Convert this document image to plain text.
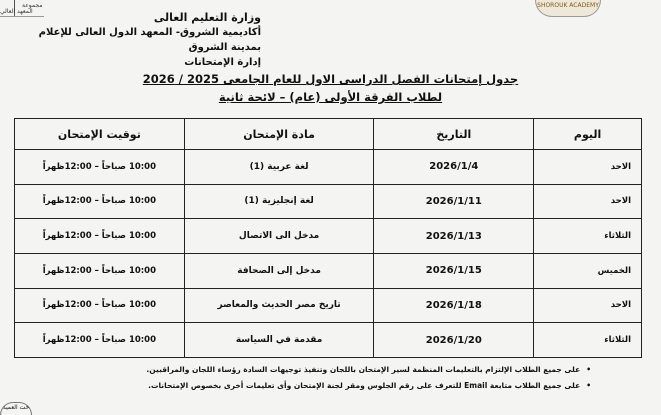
SHOROUK ACADEMY
مجموعة
المعهد العالي	وزارة التعليم العالى
أكاديمية الشروق- المعهد الدول العالى للإعلام بمدينة الشروق
إدارة الإمتحانات
جدول إمتحانات الفصل الدراسى الاول للعام الجامعى 2025 / 2026
لطلاب الفرقة الأولى (عام) – لائحة ثانية
اليوم	التاريخ	مادة الإمتحان	توقيت الإمتحان
الاحد	2026/1/4	لغة عربية (1)	10:00 صباحاً – 12:00ظهراً
الاحد	2026/1/11	لغة إنجليزية (1)	10:00 صباحاً – 12:00ظهراً
الثلاثاء	2026/1/13	مدخل الى الاتصال	10:00 صباحاً – 12:00ظهراً
الخميس	2026/1/15	مدخل إلى الصحافة	10:00 صباحاً – 12:00ظهراً
الاحد	2026/1/18	تاريخ مصر الحديث والمعاصر	10:00 صباحاً – 12:00ظهراً
الثلاثاء	2026/1/20	مقدمة في السياسة	10:00 صباحاً – 12:00ظهراً
•على جميع الطلاب الإلتزام بالتعليمات المنظمة لسير الإمتحان باللجان وتنفيذ توجيهات السادة رؤساء اللجان والمراقبين.
•على جميع الطلاب متابعة Email للتعرف على رقم الجلوس ومقر لجنة الإمتحان وأى تعليمات أخرى بخصوص الإمتحانات.
خت العميد
